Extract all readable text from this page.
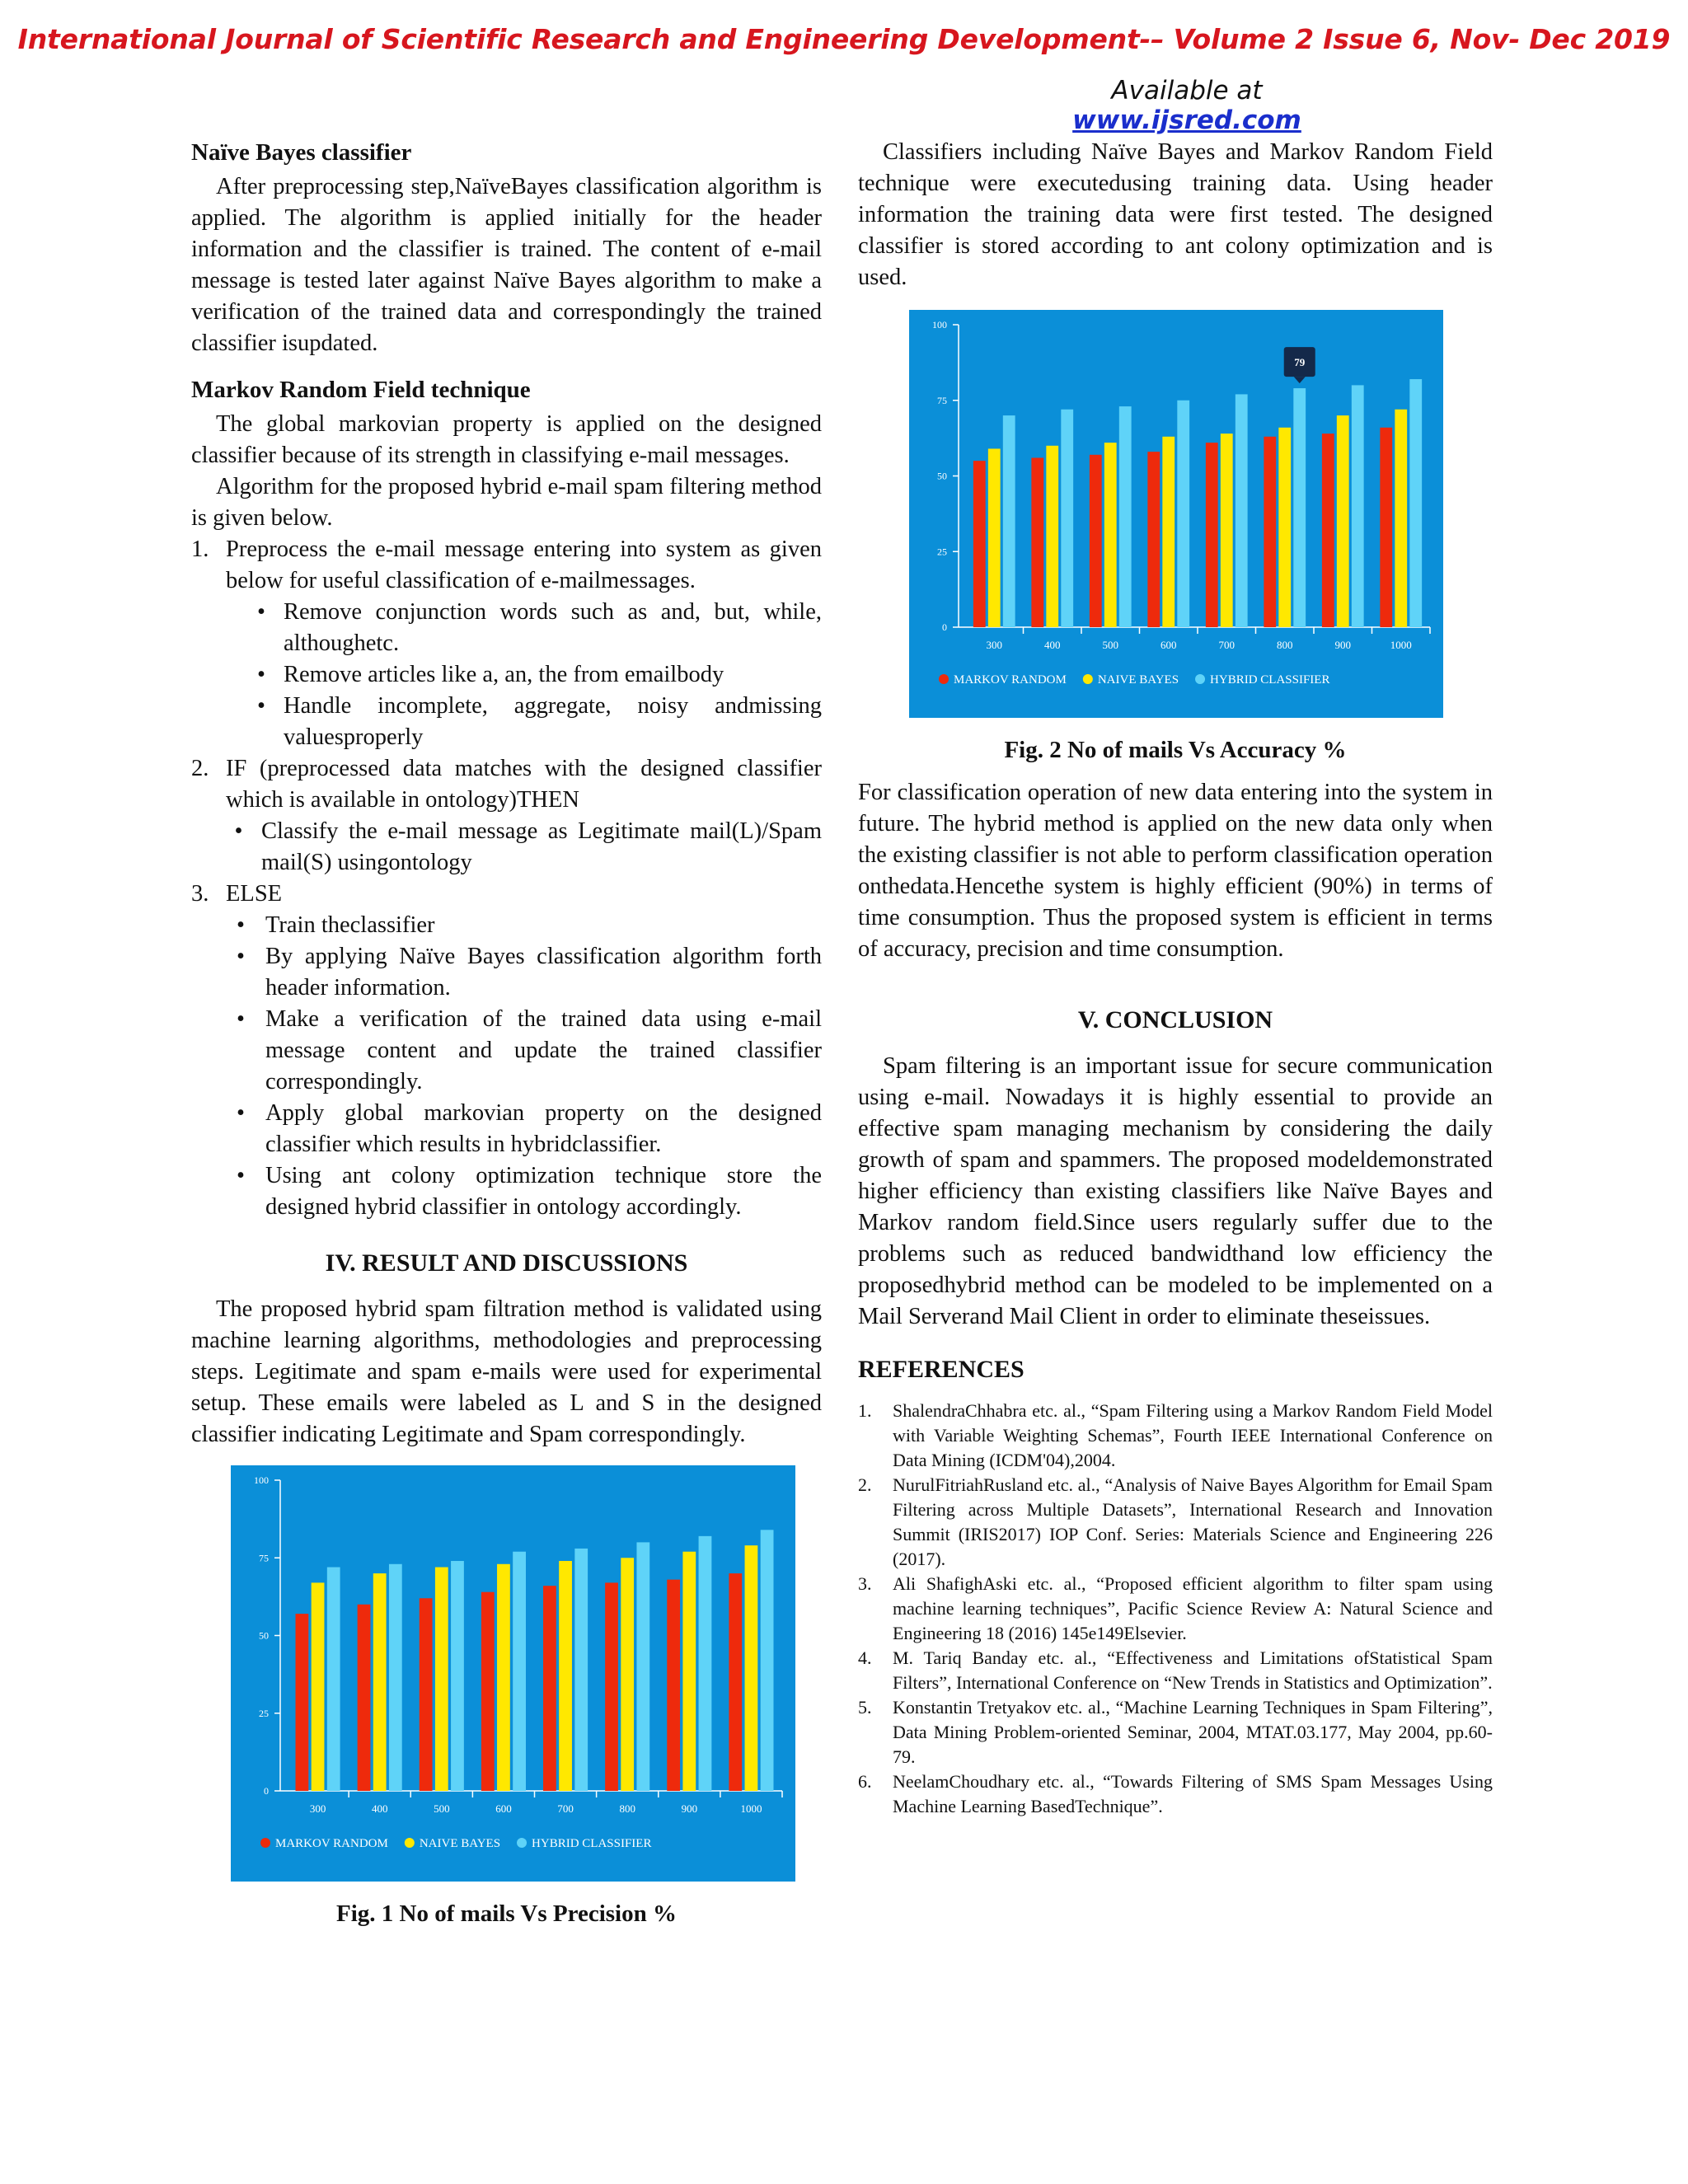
International Journal of Scientific Research and Engineering Development-– Volume 2 Issue 6, Nov- Dec 2019
Available at www.ijsred.com
Naïve Bayes classifier

After preprocessing step,NaïveBayes classification algorithm is applied. The algorithm is applied initially for the header information and the classifier is trained. The content of e-mail message is tested later against Naïve Bayes algorithm to make a verification of the trained data and correspondingly the trained classifier isupdated.

Markov Random Field technique

The global markovian property is applied on the designed classifier because of its strength in classifying e-mail messages.

Algorithm for the proposed hybrid e-mail spam filtering method is given below.

1. Preprocess the e-mail message entering into system as given below for useful classification of e-mailmessages.
• Remove conjunction words such as and, but, while, althoughetc.
• Remove articles like a, an, the from emailbody
• Handle incomplete, aggregate, noisy andmissing valuesproperly
2. IF (preprocessed data matches with the designed classifier which is available in ontology)THEN
• Classify the e-mail message as Legitimate mail(L)/Spam mail(S) usingontology
3. ELSE
• Train theclassifier
• By applying Naïve Bayes classification algorithm forth header information.
• Make a verification of the trained data using e-mail message content and update the trained classifier correspondingly.
• Apply global markovian property on the designed classifier which results in hybridclassifier.
• Using ant colony optimization technique store the designed hybrid classifier in ontology accordingly.
IV. RESULT AND DISCUSSIONS

The proposed hybrid spam filtration method is validated using machine learning algorithms, methodologies and preprocessing steps. Legitimate and spam e-mails were used for experimental setup. These emails were labeled as L and S in the designed classifier indicating Legitimate and Spam correspondingly.

0
25
50
75
100
300	400	500	600	700	800	900	1000
MARKOV RANDOM	NAIVE BAYES	HYBRID CLASSIFIER
Fig. 1 No of mails Vs Precision %

Classifiers including Naïve Bayes and Markov Random Field technique were executedusing training data. Using header information the training data were first tested. The designed classifier is stored according to ant colony optimization and is used.

0
25
50
75
100
300	400	500	600	700	800	900	1000
79
MARKOV RANDOM	NAIVE BAYES	HYBRID CLASSIFIER
Fig. 2 No of mails Vs Accuracy %

For classification operation of new data entering into the system in future. The hybrid method is applied on the new data only when the existing classifier is not able to perform classification operation onthedata.Hencethe system is highly efficient (90%) in terms of time consumption. Thus the proposed system is efficient in terms of accuracy, precision and time consumption.

V. CONCLUSION

Spam filtering is an important issue for secure communication using e-mail. Nowadays it is highly essential to provide an effective spam managing mechanism by considering the daily growth of spam and spammers. The proposed modeldemonstrated higher efficiency than existing classifiers like Naïve Bayes and Markov random field.Since users regularly suffer due to the problems such as reduced bandwidthand low efficiency the proposedhybrid method can be modeled to be implemented on a Mail Serverand Mail Client in order to eliminate theseissues.

REFERENCES
1.	ShalendraChhabra etc. al., “Spam Filtering using a Markov Random Field Model with Variable Weighting Schemas”, Fourth IEEE International Conference on Data Mining (ICDM'04),2004.
2.	NurulFitriahRusland etc. al., “Analysis of Naive Bayes Algorithm for Email Spam Filtering across Multiple Datasets”, International Research and Innovation Summit (IRIS2017) IOP Conf. Series: Materials Science and Engineering 226 (2017).
3.	Ali ShafighAski etc. al., “Proposed efficient algorithm to filter spam using machine learning techniques”, Pacific Science Review A: Natural Science and Engineering 18 (2016) 145e149Elsevier.
4.	M. Tariq Banday etc. al., “Effectiveness and Limitations ofStatistical Spam Filters”, International Conference on “New Trends in Statistics and Optimization”.
5.	Konstantin Tretyakov etc. al., “Machine Learning Techniques in Spam Filtering”, Data Mining Problem-oriented Seminar, 2004, MTAT.03.177, May 2004, pp.60-79.
6.	NeelamChoudhary etc. al., “Towards Filtering of SMS Spam Messages Using Machine Learning BasedTechnique”.
